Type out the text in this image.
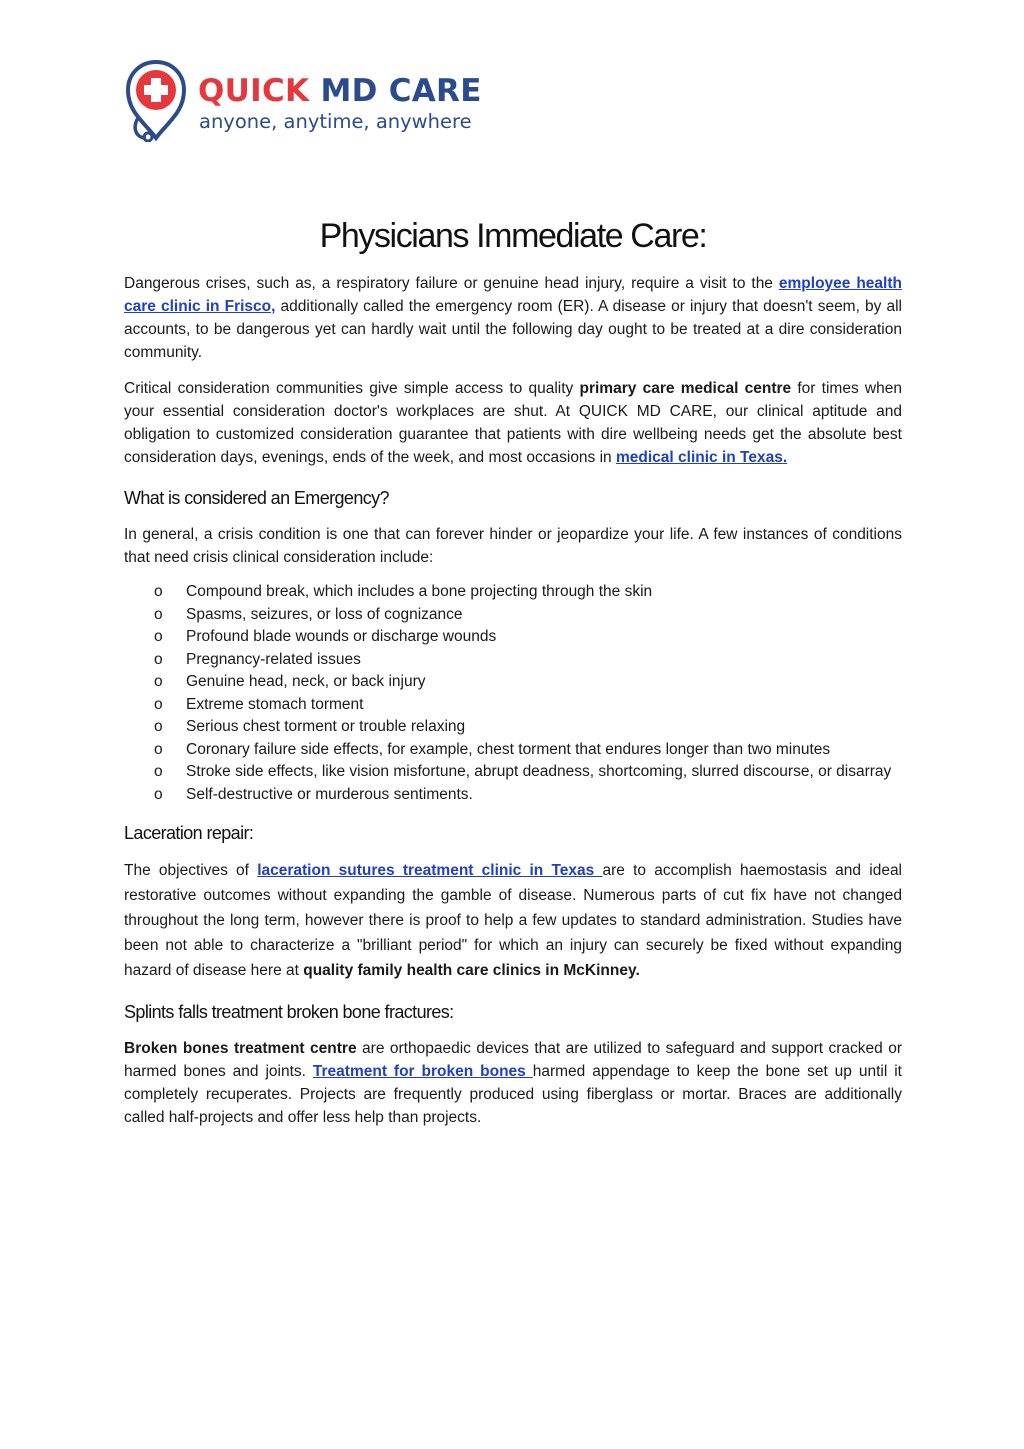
QUICK MD CARE
anyone, anytime, anywhere
Physicians Immediate Care:

Dangerous crises, such as, a respiratory failure or genuine head injury, require a visit to the employee health care clinic in Frisco, additionally called the emergency room (ER). A disease or injury that doesn't seem, by all accounts, to be dangerous yet can hardly wait until the following day ought to be treated at a dire consideration community.

Critical consideration communities give simple access to quality primary care medical centre for times when your essential consideration doctor's workplaces are shut. At QUICK MD CARE, our clinical aptitude and obligation to customized consideration guarantee that patients with dire wellbeing needs get the absolute best consideration days, evenings, ends of the week, and most occasions in medical clinic in Texas.

What is considered an Emergency?

In general, a crisis condition is one that can forever hinder or jeopardize your life. A few instances of conditions that need crisis clinical consideration include:

o Compound break, which includes a bone projecting through the skin
o Spasms, seizures, or loss of cognizance
o Profound blade wounds or discharge wounds
o Pregnancy-related issues
o Genuine head, neck, or back injury
o Extreme stomach torment
o Serious chest torment or trouble relaxing
o Coronary failure side effects, for example, chest torment that endures longer than two minutes
o Stroke side effects, like vision misfortune, abrupt deadness, shortcoming, slurred discourse, or disarray
o Self-destructive or murderous sentiments.
Laceration repair:

The objectives of laceration sutures treatment clinic in Texas are to accomplish haemostasis and ideal restorative outcomes without expanding the gamble of disease. Numerous parts of cut fix have not changed throughout the long term, however there is proof to help a few updates to standard administration. Studies have been not able to characterize a "brilliant period" for which an injury can securely be fixed without expanding hazard of disease here at quality family health care clinics in McKinney.

Splints falls treatment broken bone fractures:

Broken bones treatment centre are orthopaedic devices that are utilized to safeguard and support cracked or harmed bones and joints. Treatment for broken bones harmed appendage to keep the bone set up until it completely recuperates. Projects are frequently produced using fiberglass or mortar. Braces are additionally called half-projects and offer less help than projects.
